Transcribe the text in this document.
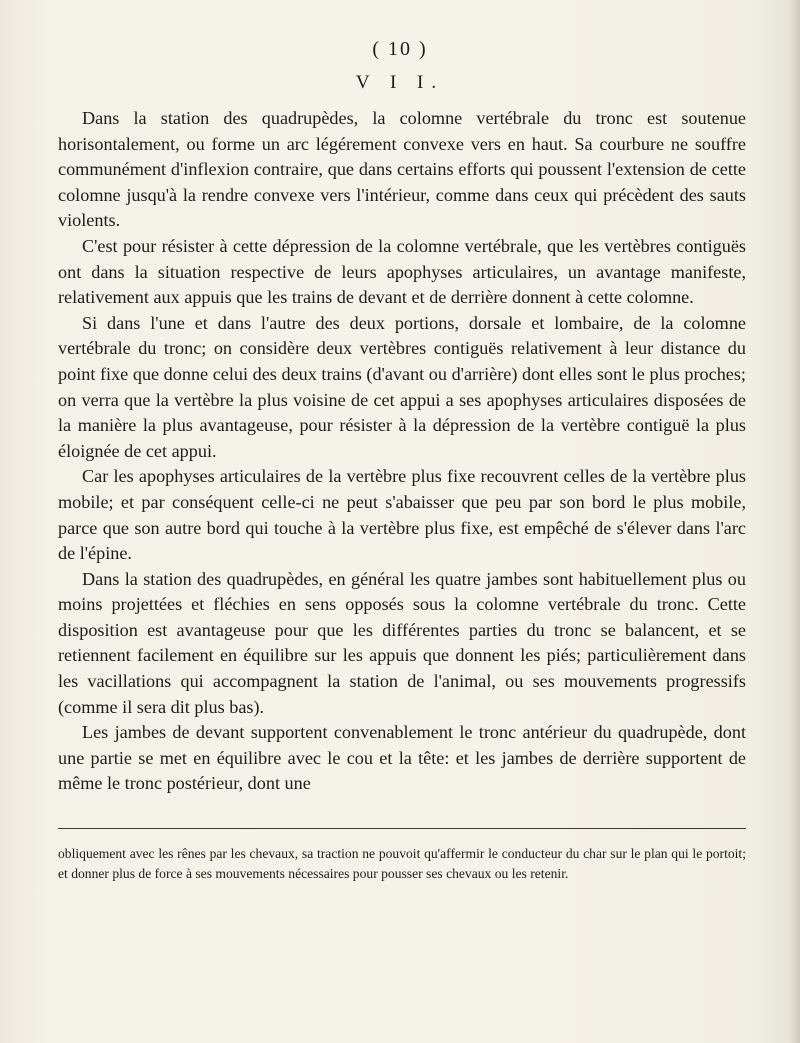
( 10 )
V I I.

Dans la station des quadrupèdes, la colomne vertébrale du tronc est soutenue horisontalement, ou forme un arc légérement convexe vers en haut. Sa courbure ne souffre communément d'inflexion contraire, que dans certains efforts qui poussent l'extension de cette colomne jusqu'à la rendre convexe vers l'intérieur, comme dans ceux qui précèdent des sauts violents.

C'est pour résister à cette dépression de la colomne vertébrale, que les vertèbres contiguës ont dans la situation respective de leurs apophyses articulaires, un avantage manifeste, relativement aux appuis que les trains de devant et de derrière donnent à cette colomne.

Si dans l'une et dans l'autre des deux portions, dorsale et lombaire, de la colomne vertébrale du tronc; on considère deux vertèbres contiguës relativement à leur distance du point fixe que donne celui des deux trains (d'avant ou d'arrière) dont elles sont le plus proches; on verra que la vertèbre la plus voisine de cet appui a ses apophyses articulaires disposées de la manière la plus avantageuse, pour résister à la dépression de la vertèbre contiguë la plus éloignée de cet appui.

Car les apophyses articulaires de la vertèbre plus fixe recouvrent celles de la vertèbre plus mobile; et par conséquent celle-ci ne peut s'abaisser que peu par son bord le plus mobile, parce que son autre bord qui touche à la vertèbre plus fixe, est empêché de s'élever dans l'arc de l'épine.

Dans la station des quadrupèdes, en général les quatre jambes sont habituellement plus ou moins projettées et fléchies en sens opposés sous la colomne vertébrale du tronc. Cette disposition est avantageuse pour que les différentes parties du tronc se balancent, et se retiennent facilement en équilibre sur les appuis que donnent les piés; particulièrement dans les vacillations qui accompagnent la station de l'animal, ou ses mouvements progressifs (comme il sera dit plus bas).

Les jambes de devant supportent convenablement le tronc antérieur du quadrupède, dont une partie se met en équilibre avec le cou et la tête: et les jambes de derrière supportent de même le tronc postérieur, dont une

obliquement avec les rênes par les chevaux, sa traction ne pouvoit qu'affermir le conducteur du char sur le plan qui le portoit; et donner plus de force à ses mouvements nécessaires pour pousser ses chevaux ou les retenir.
